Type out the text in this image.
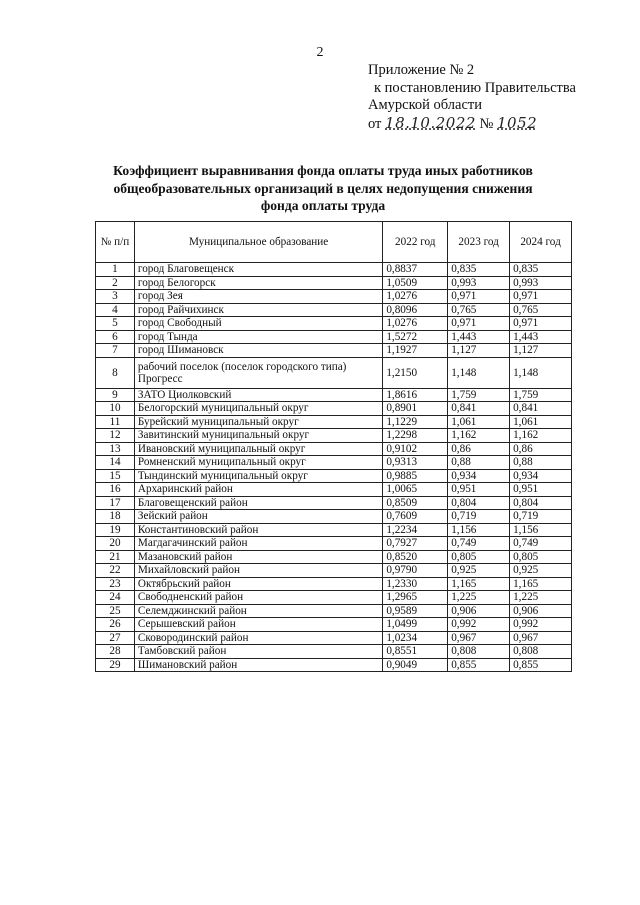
2
Приложение № 2
к постановлению Правительства
Амурской области
от 18.10.2022 № 1052
Коэффициент выравнивания фонда оплаты труда иных работников
общеобразовательных организаций в целях недопущения снижения
фонда оплаты труда
№ п/п	Муниципальное образование	2022 год	2023 год	2024 год
1	город Благовещенск	0,8837	0,835	0,835
2	город Белогорск	1,0509	0,993	0,993
3	город Зея	1,0276	0,971	0,971
4	город Райчихинск	0,8096	0,765	0,765
5	город Свободный	1,0276	0,971	0,971
6	город Тында	1,5272	1,443	1,443
7	город Шимановск	1,1927	1,127	1,127
8	рабочий поселок (поселок городского типа) Прогресс	1,2150	1,148	1,148
9	ЗАТО Циолковский	1,8616	1,759	1,759
10	Белогорский муниципальный округ	0,8901	0,841	0,841
11	Бурейский муниципальный округ	1,1229	1,061	1,061
12	Завитинский муниципальный округ	1,2298	1,162	1,162
13	Ивановский муниципальный округ	0,9102	0,86	0,86
14	Ромненский муниципальный округ	0,9313	0,88	0,88
15	Тындинский муниципальный округ	0,9885	0,934	0,934
16	Архаринский район	1,0065	0,951	0,951
17	Благовещенский район	0,8509	0,804	0,804
18	Зейский район	0,7609	0,719	0,719
19	Константиновский район	1,2234	1,156	1,156
20	Магдагачинский район	0,7927	0,749	0,749
21	Мазановский район	0,8520	0,805	0,805
22	Михайловский район	0,9790	0,925	0,925
23	Октябрьский район	1,2330	1,165	1,165
24	Свободненский район	1,2965	1,225	1,225
25	Селемджинский район	0,9589	0,906	0,906
26	Серышевский район	1,0499	0,992	0,992
27	Сковородинский район	1,0234	0,967	0,967
28	Тамбовский район	0,8551	0,808	0,808
29	Шимановский район	0,9049	0,855	0,855
